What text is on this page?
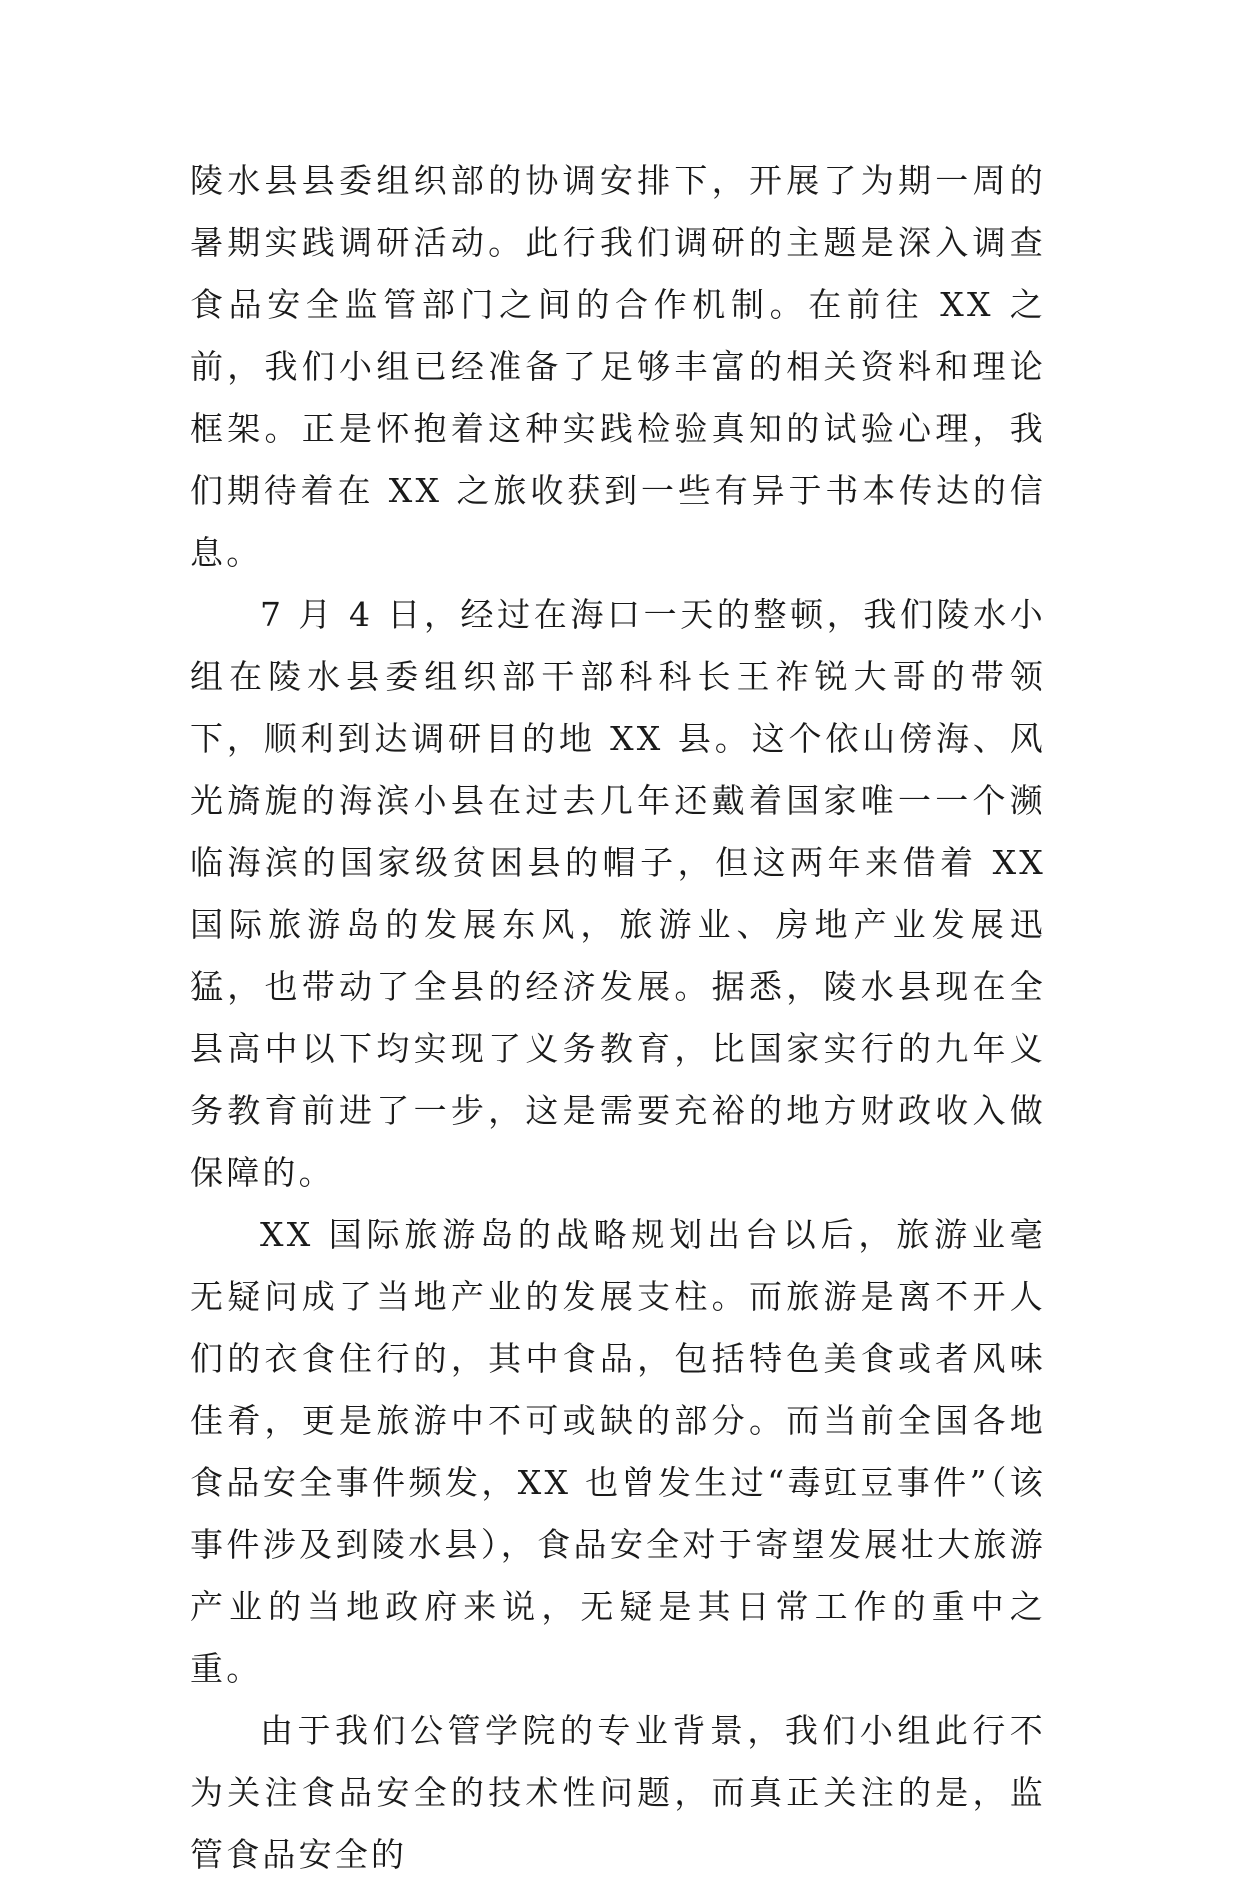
陵水县县委组织部的协调安排下，开展了为期一周的暑期实践调研活动。此行我们调研的主题是深入调查食品安全监管部门之间的合作机制。在前往 XX 之前，我们小组已经准备了足够丰富的相关资料和理论框架。正是怀抱着这种实践检验真知的试验心理，我们期待着在 XX 之旅收获到一些有异于书本传达的信息。

7 月 4 日，经过在海口一天的整顿，我们陵水小组在陵水县委组织部干部科科长王祚锐大哥的带领下，顺利到达调研目的地 XX 县。这个依山傍海、风光旖旎的海滨小县在过去几年还戴着国家唯一一个濒临海滨的国家级贫困县的帽子，但这两年来借着 XX 国际旅游岛的发展东风，旅游业、房地产业发展迅猛，也带动了全县的经济发展。据悉，陵水县现在全县高中以下均实现了义务教育，比国家实行的九年义务教育前进了一步，这是需要充裕的地方财政收入做保障的。

XX 国际旅游岛的战略规划出台以后，旅游业毫无疑问成了当地产业的发展支柱。而旅游是离不开人们的衣食住行的，其中食品，包括特色美食或者风味佳肴，更是旅游中不可或缺的部分。而当前全国各地食品安全事件频发，XX 也曾发生过“毒豇豆事件”（该事件涉及到陵水县），食品安全对于寄望发展壮大旅游产业的当地政府来说，无疑是其日常工作的重中之重。

由于我们公管学院的专业背景，我们小组此行不为关注食品安全的技术性问题，而真正关注的是，监管食品安全的
